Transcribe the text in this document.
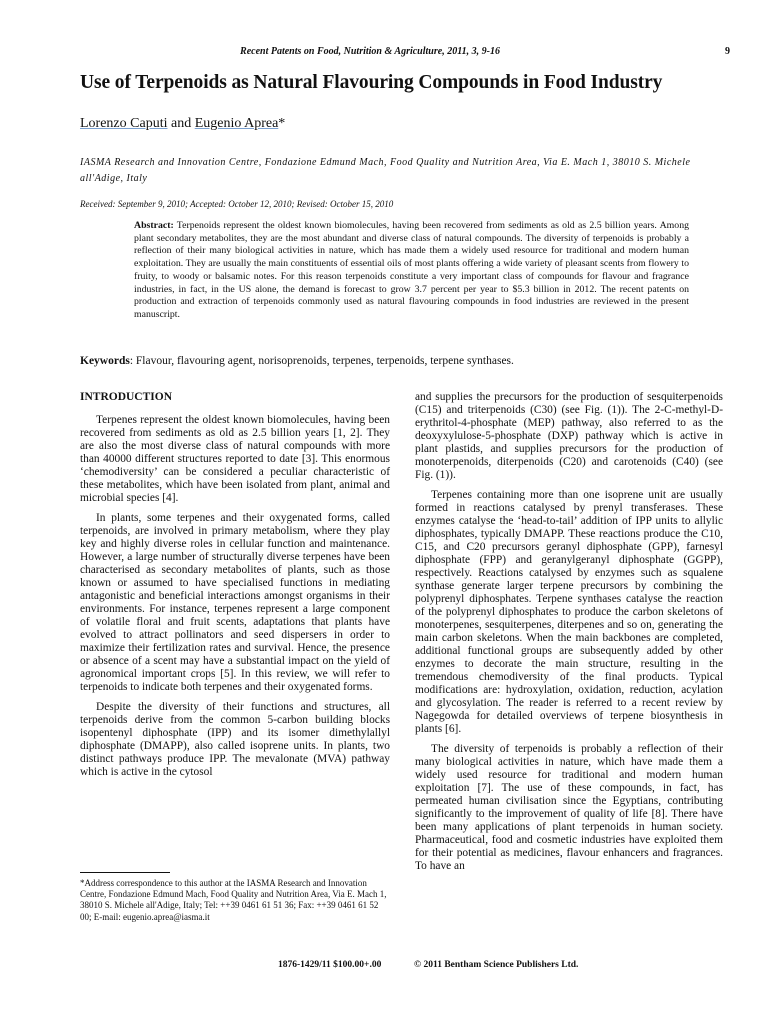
Recent Patents on Food, Nutrition & Agriculture, 2011, 3, 9-16	9
Use of Terpenoids as Natural Flavouring Compounds in Food Industry
Lorenzo Caputi and Eugenio Aprea*
IASMA Research and Innovation Centre, Fondazione Edmund Mach, Food Quality and Nutrition Area, Via E. Mach 1, 38010 S. Michele all'Adige, Italy
Received: September 9, 2010; Accepted: October 12, 2010; Revised: October 15, 2010
Abstract: Terpenoids represent the oldest known biomolecules, having been recovered from sediments as old as 2.5 billion years. Among plant secondary metabolites, they are the most abundant and diverse class of natural compounds. The diversity of terpenoids is probably a reflection of their many biological activities in nature, which has made them a widely used resource for traditional and modern human exploitation. They are usually the main constituents of essential oils of most plants offering a wide variety of pleasant scents from flowery to fruity, to woody or balsamic notes. For this reason terpenoids constitute a very important class of compounds for flavour and fragrance industries, in fact, in the US alone, the demand is forecast to grow 3.7 percent per year to $5.3 billion in 2012. The recent patents on production and extraction of terpenoids commonly used as natural flavouring compounds in food industries are reviewed in the present manuscript.
Keywords: Flavour, flavouring agent, norisoprenoids, terpenes, terpenoids, terpene synthases.
INTRODUCTION

Terpenes represent the oldest known biomolecules, having been recovered from sediments as old as 2.5 billion years [1, 2]. They are also the most diverse class of natural compounds with more than 40000 different structures reported to date [3]. This enormous ‘chemodiversity’ can be considered a peculiar characteristic of these metabolites, which have been isolated from plant, animal and microbial species [4].

In plants, some terpenes and their oxygenated forms, called terpenoids, are involved in primary metabolism, where they play key and highly diverse roles in cellular function and maintenance. However, a large number of structurally diverse terpenes have been characterised as secondary metabolites of plants, such as those known or assumed to have specialised functions in mediating antagonistic and beneficial interactions amongst organisms in their environments. For instance, terpenes represent a large component of volatile floral and fruit scents, adaptations that plants have evolved to attract pollinators and seed dispersers in order to maximize their fertilization rates and survival. Hence, the presence or absence of a scent may have a substantial impact on the yield of agronomical important crops [5]. In this review, we will refer to terpenoids to indicate both terpenes and their oxygenated forms.

Despite the diversity of their functions and structures, all terpenoids derive from the common 5-carbon building blocks isopentenyl diphosphate (IPP) and its isomer dimethylallyl diphosphate (DMAPP), also called isoprene units. In plants, two distinct pathways produce IPP. The mevalonate (MVA) pathway which is active in the cytosol

and supplies the precursors for the production of sesquiterpenoids (C15) and triterpenoids (C30) (see Fig. (1)). The 2-C-methyl-D-erythritol-4-phosphate (MEP) pathway, also referred to as the deoxyxylulose-5-phosphate (DXP) pathway which is active in plant plastids, and supplies precursors for the production of monoterpenoids, diterpenoids (C20) and carotenoids (C40) (see Fig. (1)).

Terpenes containing more than one isoprene unit are usually formed in reactions catalysed by prenyl transferases. These enzymes catalyse the ‘head-to-tail’ addition of IPP units to allylic diphosphates, typically DMAPP. These reactions produce the C10, C15, and C20 precursors geranyl diphosphate (GPP), farnesyl diphosphate (FPP) and geranylgeranyl diphosphate (GGPP), respectively. Reactions catalysed by enzymes such as squalene synthase generate larger terpene precursors by combining the polyprenyl diphosphates. Terpene synthases catalyse the reaction of the polyprenyl diphosphates to produce the carbon skeletons of monoterpenes, sesquiterpenes, diterpenes and so on, generating the main carbon skeletons. When the main backbones are completed, additional functional groups are subsequently added by other enzymes to decorate the main structure, resulting in the tremendous chemodiversity of the final products. Typical modifications are: hydroxylation, oxidation, reduction, acylation and glycosylation. The reader is referred to a recent review by Nagegowda for detailed overviews of terpene biosynthesis in plants [6].

The diversity of terpenoids is probably a reflection of their many biological activities in nature, which have made them a widely used resource for traditional and modern human exploitation [7]. The use of these compounds, in fact, has permeated human civilisation since the Egyptians, contributing significantly to the improvement of quality of life [8]. There have been many applications of plant terpenoids in human society. Pharmaceutical, food and cosmetic industries have exploited them for their potential as medicines, flavour enhancers and fragrances. To have an

*Address correspondence to this author at the IASMA Research and Innovation Centre, Fondazione Edmund Mach, Food Quality and Nutrition Area, Via E. Mach 1, 38010 S. Michele all'Adige, Italy; Tel: ++39 0461 61 51 36; Fax: ++39 0461 61 52 00; E-mail: eugenio.aprea@iasma.it
1876-1429/11 $100.00+.00	© 2011 Bentham Science Publishers Ltd.
